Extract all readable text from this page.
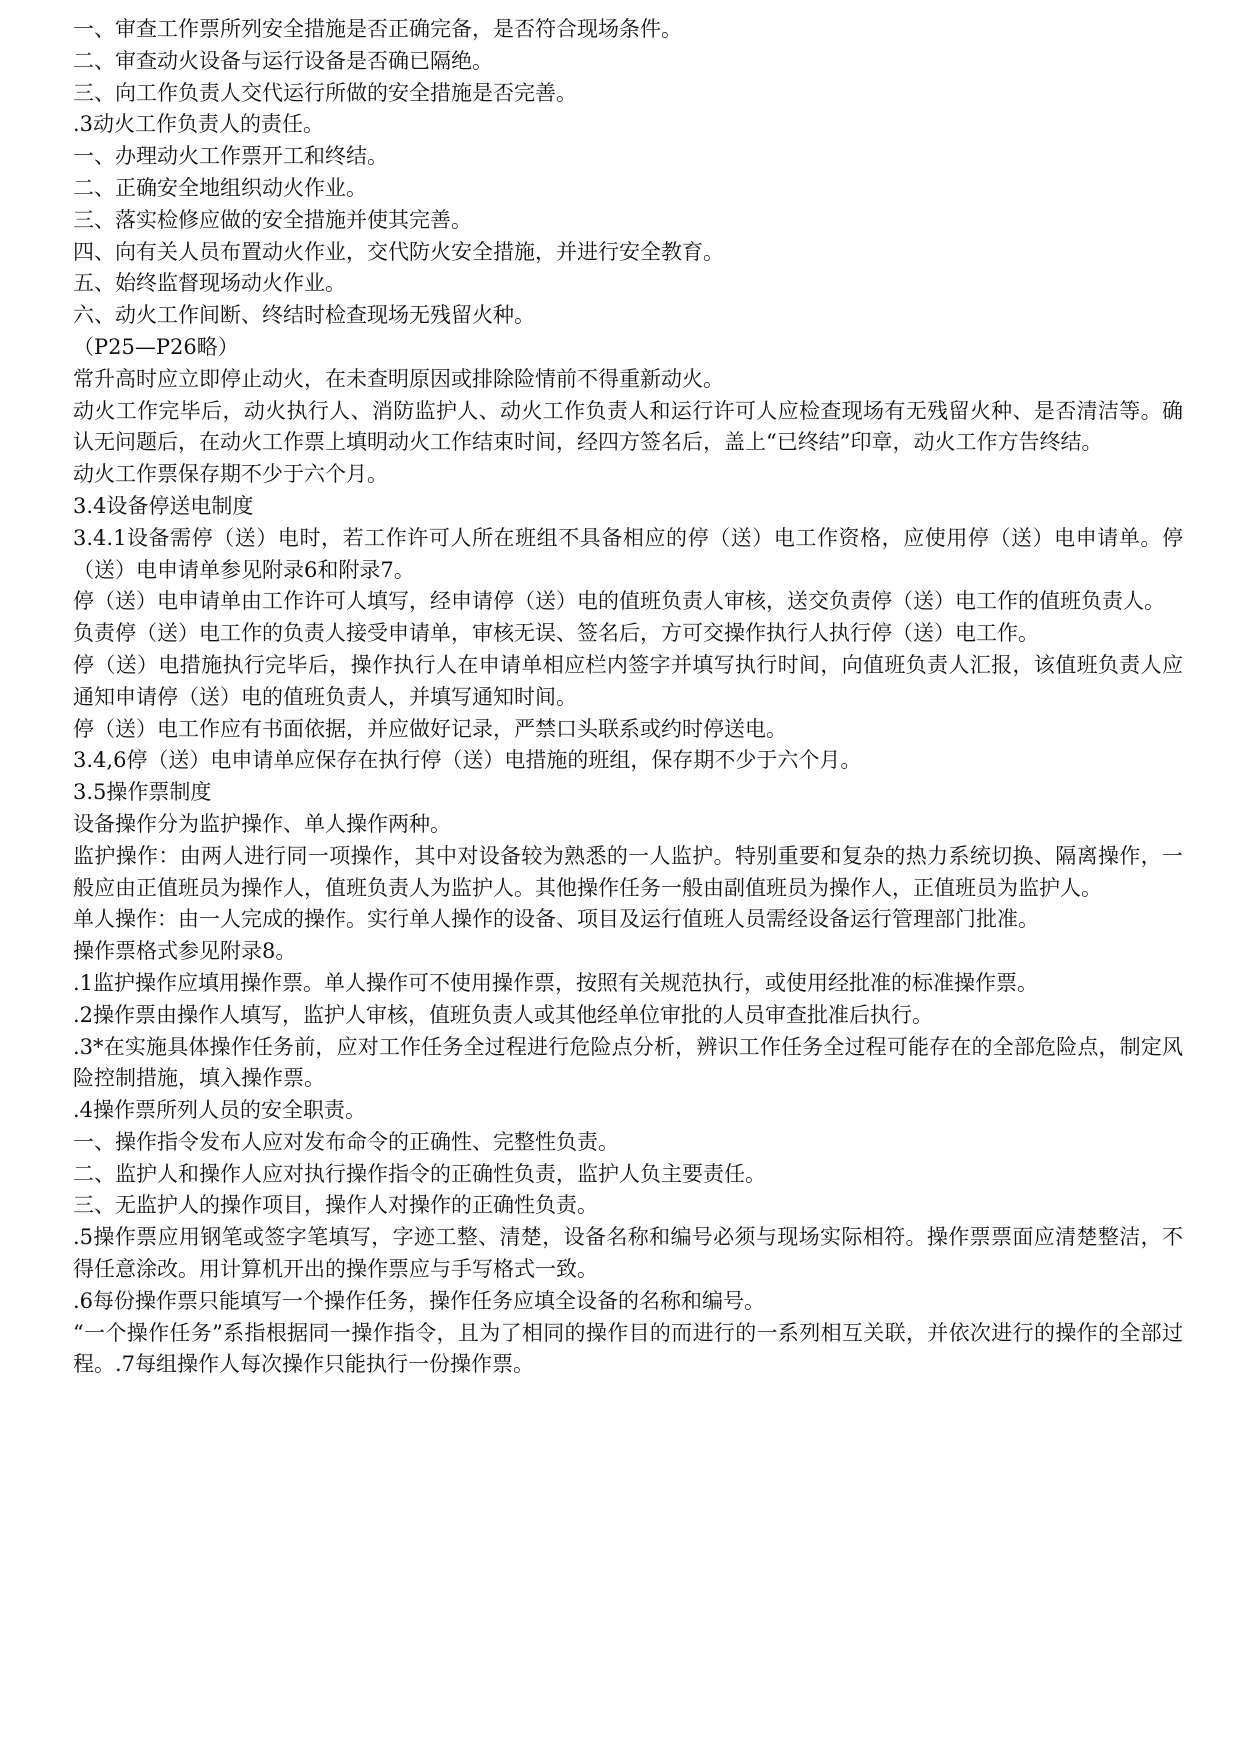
一、审查工作票所列安全措施是否正确完备，是否符合现场条件。

二、审查动火设备与运行设备是否确已隔绝。

三、向工作负责人交代运行所做的安全措施是否完善。

.3动火工作负责人的责任。

一、办理动火工作票开工和终结。

二、正确安全地组织动火作业。

三、落实检修应做的安全措施并使其完善。

四、向有关人员布置动火作业，交代防火安全措施，并进行安全教育。

五、始终监督现场动火作业。

六、动火工作间断、终结时检查现场无残留火种。

（P25—P26略）

常升高时应立即停止动火，在未查明原因或排除险情前不得重新动火。

动火工作完毕后，动火执行人、消防监护人、动火工作负责人和运行许可人应检查现场有无残留火种、是否清洁等。确认无问题后，在动火工作票上填明动火工作结束时间，经四方签名后，盖上“已终结”印章，动火工作方告终结。

动火工作票保存期不少于六个月。

3.4设备停送电制度

3.4.1设备需停（送）电时，若工作许可人所在班组不具备相应的停（送）电工作资格，应使用停（送）电申请单。停（送）电申请单参见附录6和附录7。

停（送）电申请单由工作许可人填写，经申请停（送）电的值班负责人审核，送交负责停（送）电工作的值班负责人。

负责停（送）电工作的负责人接受申请单，审核无误、签名后，方可交操作执行人执行停（送）电工作。

停（送）电措施执行完毕后，操作执行人在申请单相应栏内签字并填写执行时间，向值班负责人汇报，该值班负责人应通知申请停（送）电的值班负责人，并填写通知时间。

停（送）电工作应有书面依据，并应做好记录，严禁口头联系或约时停送电。

3.4,6停（送）电申请单应保存在执行停（送）电措施的班组，保存期不少于六个月。

3.5操作票制度

设备操作分为监护操作、单人操作两种。

监护操作：由两人进行同一项操作，其中对设备较为熟悉的一人监护。特别重要和复杂的热力系统切换、隔离操作，一般应由正值班员为操作人，值班负责人为监护人。其他操作任务一般由副值班员为操作人，正值班员为监护人。

单人操作：由一人完成的操作。实行单人操作的设备、项目及运行值班人员需经设备运行管理部门批准。

操作票格式参见附录8。

.1监护操作应填用操作票。单人操作可不使用操作票，按照有关规范执行，或使用经批准的标准操作票。

.2操作票由操作人填写，监护人审核，值班负责人或其他经单位审批的人员审查批准后执行。

.3*在实施具体操作任务前，应对工作任务全过程进行危险点分析，辨识工作任务全过程可能存在的全部危险点，制定风险控制措施，填入操作票。

.4操作票所列人员的安全职责。

一、操作指令发布人应对发布命令的正确性、完整性负责。

二、监护人和操作人应对执行操作指令的正确性负责，监护人负主要责任。

三、无监护人的操作项目，操作人对操作的正确性负责。

.5操作票应用钢笔或签字笔填写，字迹工整、清楚，设备名称和编号必须与现场实际相符。操作票票面应清楚整洁，不得任意涂改。用计算机开出的操作票应与手写格式一致。

.6每份操作票只能填写一个操作任务，操作任务应填全设备的名称和编号。

“一个操作任务”系指根据同一操作指令，且为了相同的操作目的而进行的一系列相互关联，并依次进行的操作的全部过程。.7每组操作人每次操作只能执行一份操作票。
